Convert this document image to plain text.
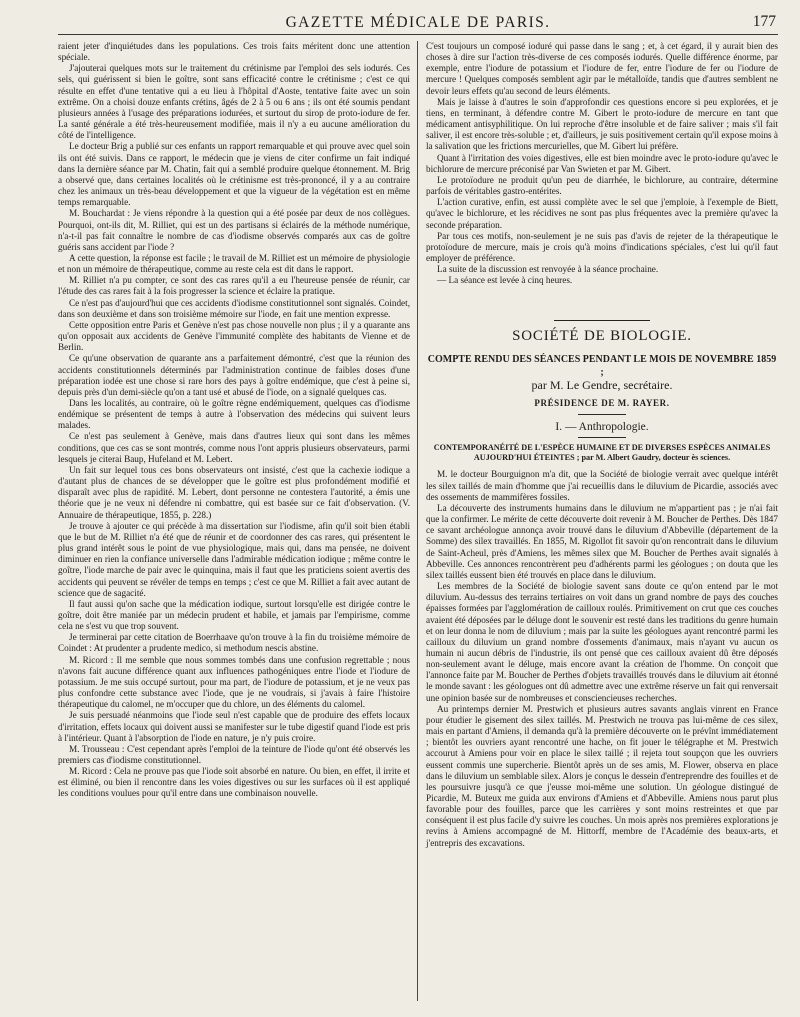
GAZETTE MÉDICALE DE PARIS.	177

raient jeter d'inquiétudes dans les populations. Ces trois faits méritent donc une attention spéciale.

J'ajouterai quelques mots sur le traitement du crétinisme par l'emploi des sels iodurés. Ces sels, qui guérissent si bien le goître, sont sans efficacité contre le crétinisme ; c'est ce qui résulte en effet d'une tentative qui a eu lieu à l'hôpital d'Aoste, tentative faite avec un soin extrême. On a choisi douze enfants crétins, âgés de 2 à 5 ou 6 ans ; ils ont été soumis pendant plusieurs années à l'usage des préparations iodurées, et surtout du sirop de proto-iodure de fer. La santé générale a été très-heureusement modifiée, mais il n'y a eu aucune amélioration du côté de l'intelligence.

Le docteur Brig a publié sur ces enfants un rapport remarquable et qui prouve avec quel soin ils ont été suivis. Dans ce rapport, le médecin que je viens de citer confirme un fait indiqué dans la dernière séance par M. Chatin, fait qui a semblé produire quelque étonnement. M. Brig a observé que, dans certaines localités où le crétinisme est très-prononcé, il y a au contraire chez les animaux un très-beau développement et que la vigueur de la végétation est en même temps remarquable.

M. Bouchardat : Je viens répondre à la question qui a été posée par deux de nos collègues. Pourquoi, ont-ils dit, M. Rilliet, qui est un des partisans si éclairés de la méthode numérique, n'a-t-il pas fait connaître le nombre de cas d'iodisme observés comparés aux cas de goître guéris sans accident par l'iode ?

A cette question, la réponse est facile ; le travail de M. Rilliet est un mémoire de physiologie et non un mémoire de thérapeutique, comme au reste cela est dit dans le rapport.

M. Rilliet n'a pu compter, ce sont des cas rares qu'il a eu l'heureuse pensée de réunir, car l'étude des cas rares fait à la fois progresser la science et éclaire la pratique.

Ce n'est pas d'aujourd'hui que ces accidents d'iodisme constitutionnel sont signalés. Coindet, dans son deuxième et dans son troisième mémoire sur l'iode, en fait une mention expresse.

Cette opposition entre Paris et Genève n'est pas chose nouvelle non plus ; il y a quarante ans qu'on opposait aux accidents de Genève l'immunité complète des habitants de Vienne et de Berlin.

Ce qu'une observation de quarante ans a parfaitement démontré, c'est que la réunion des accidents constitutionnels déterminés par l'administration continue de faibles doses d'une préparation iodée est une chose si rare hors des pays à goître endémique, que c'est à peine si, depuis près d'un demi-siècle qu'on a tant usé et abusé de l'iode, on a signalé quelques cas.

Dans les localités, au contraire, où le goître règne endémiquement, quelques cas d'iodisme endémique se présentent de temps à autre à l'observation des médecins qui suivent leurs malades.

Ce n'est pas seulement à Genève, mais dans d'autres lieux qui sont dans les mêmes conditions, que ces cas se sont montrés, comme nous l'ont appris plusieurs observateurs, parmi lesquels je citerai Baup, Hufeland et M. Lebert.

Un fait sur lequel tous ces bons observateurs ont insisté, c'est que la cachexie iodique a d'autant plus de chances de se développer que le goître est plus profondément modifié et disparaît avec plus de rapidité. M. Lebert, dont personne ne contestera l'autorité, a émis une théorie que je ne veux ni défendre ni combattre, qui est basée sur ce fait d'observation. (V. Annuaire de thérapeutique, 1855, p. 228.)

Je trouve à ajouter ce qui précède à ma dissertation sur l'iodisme, afin qu'il soit bien établi que le but de M. Rilliet n'a été que de réunir et de coordonner des cas rares, qui présentent le plus grand intérêt sous le point de vue physiologique, mais qui, dans ma pensée, ne doivent diminuer en rien la confiance universelle dans l'admirable médication iodique ; même contre le goître, l'iode marche de pair avec le quinquina, mais il faut que les praticiens soient avertis des accidents qui peuvent se révéler de temps en temps ; c'est ce que M. Rilliet a fait avec autant de science que de sagacité.

Il faut aussi qu'on sache que la médication iodique, surtout lorsqu'elle est dirigée contre le goître, doit être maniée par un médecin prudent et habile, et jamais par l'empirisme, comme cela ne s'est vu que trop souvent.

Je terminerai par cette citation de Boerrhaave qu'on trouve à la fin du troisième mémoire de Coindet : At prudenter a prudente medico, si methodum nescis abstine.

M. Ricord : Il me semble que nous sommes tombés dans une confusion regrettable ; nous n'avons fait aucune différence quant aux influences pathogéniques entre l'iode et l'iodure de potassium. Je me suis occupé surtout, pour ma part, de l'iodure de potassium, et je ne veux pas plus confondre cette substance avec l'iode, que je ne voudrais, si j'avais à faire l'histoire thérapeutique du calomel, ne m'occuper que du chlore, un des éléments du calomel.

Je suis persuadé néanmoins que l'iode seul n'est capable que de produire des effets locaux d'irritation, effets locaux qui doivent aussi se manifester sur le tube digestif quand l'iode est pris à l'intérieur. Quant à l'absorption de l'iode en nature, je n'y puis croire.

M. Trousseau : C'est cependant après l'emploi de la teinture de l'iode qu'ont été observés les premiers cas d'iodisme constitutionnel.

M. Ricord : Cela ne prouve pas que l'iode soit absorbé en nature. Ou bien, en effet, il irrite et est éliminé, ou bien il rencontre dans les voies digestives ou sur les surfaces où il est appliqué les conditions voulues pour qu'il entre dans une combinaison nouvelle.

C'est toujours un composé ioduré qui passe dans le sang ; et, à cet égard, il y aurait bien des choses à dire sur l'action très-diverse de ces composés iodurés. Quelle différence énorme, par exemple, entre l'iodure de potassium et l'iodure de fer, entre l'iodure de fer ou l'iodure de mercure ! Quelques composés semblent agir par le métalloïde, tandis que d'autres semblent ne devoir leurs effets qu'au second de leurs éléments.

Mais je laisse à d'autres le soin d'approfondir ces questions encore si peu explorées, et je tiens, en terminant, à défendre contre M. Gibert le proto-iodure de mercure en tant que médicament antisyphilitique. On lui reproche d'être insoluble et de faire saliver ; mais s'il fait saliver, il est encore très-soluble ; et, d'ailleurs, je suis positivement certain qu'il expose moins à la salivation que les frictions mercurielles, que M. Gibert lui préfère.

Quant à l'irritation des voies digestives, elle est bien moindre avec le proto-iodure qu'avec le bichlorure de mercure préconisé par Van Swieten et par M. Gibert.

Le protoïodure ne produit qu'un peu de diarrhée, le bichlorure, au contraire, détermine parfois de véritables gastro-entérites.

L'action curative, enfin, est aussi complète avec le sel que j'emploie, à l'exemple de Biett, qu'avec le bichlorure, et les récidives ne sont pas plus fréquentes avec la première qu'avec la seconde préparation.

Par tous ces motifs, non-seulement je ne suis pas d'avis de rejeter de la thérapeutique le protoïodure de mercure, mais je crois qu'à moins d'indications spéciales, c'est lui qu'il faut employer de préférence.

La suite de la discussion est renvoyée à la séance prochaine.

— La séance est levée à cinq heures.

SOCIÉTÉ DE BIOLOGIE.

COMPTE RENDU DES SÉANCES PENDANT LE MOIS DE NOVEMBRE 1859 ;

par M. Le Gendre, secrétaire.
PRÉSIDENCE DE M. RAYER.
I. — Anthropologie.
CONTEMPORANÉITÉ DE L'ESPÈCE HUMAINE ET DE DIVERSES ESPÈCES ANIMALES AUJOURD'HUI ÉTEINTES ; par M. Albert Gaudry, docteur ès sciences.

M. le docteur Bourguignon m'a dit, que la Société de biologie verrait avec quelque intérêt les silex taillés de main d'homme que j'ai recueillis dans le diluvium de Picardie, associés avec des ossements de mammifères fossiles.

La découverte des instruments humains dans le diluvium ne m'appartient pas ; je n'ai fait que la confirmer. Le mérite de cette découverte doit revenir à M. Boucher de Perthes. Dès 1847 ce savant archéologue annonça avoir trouvé dans le diluvium d'Abbeville (département de la Somme) des silex travaillés. En 1855, M. Rigollot fit savoir qu'on rencontrait dans le diluvium de Saint-Acheul, près d'Amiens, les mêmes silex que M. Boucher de Perthes avait signalés à Abbeville. Ces annonces rencontrèrent peu d'adhérents parmi les géologues ; on douta que les silex taillés eussent bien été trouvés en place dans le diluvium.

Les membres de la Société de biologie savent sans doute ce qu'on entend par le mot diluvium. Au-dessus des terrains tertiaires on voit dans un grand nombre de pays des couches épaisses formées par l'agglomération de cailloux roulés. Primitivement on crut que ces couches avaient été déposées par le déluge dont le souvenir est resté dans les traditions du genre humain et on leur donna le nom de diluvium ; mais par la suite les géologues ayant rencontré parmi les cailloux du diluvium un grand nombre d'ossements d'animaux, mais n'ayant vu aucun os humain ni aucun débris de l'industrie, ils ont pensé que ces cailloux avaient dû être déposés non-seulement avant le déluge, mais encore avant la création de l'homme. On conçoit que l'annonce faite par M. Boucher de Perthes d'objets travaillés trouvés dans le diluvium ait étonné le monde savant : les géologues ont dû admettre avec une extrême réserve un fait qui renversait une opinion basée sur de nombreuses et consciencieuses recherches.

Au printemps dernier M. Prestwich et plusieurs autres savants anglais vinrent en France pour étudier le gisement des silex taillés. M. Prestwich ne trouva pas lui-même de ces silex, mais en partant d'Amiens, il demanda qu'à la première découverte on le prévînt immédiatement ; bientôt les ouvriers ayant rencontré une hache, on fit jouer le télégraphe et M. Prestwich accourut à Amiens pour voir en place le silex taillé ; il rejeta tout soupçon que les ouvriers eussent commis une supercherie. Bientôt après un de ses amis, M. Flower, observa en place dans le diluvium un semblable silex. Alors je conçus le dessein d'entreprendre des fouilles et de les poursuivre jusqu'à ce que j'eusse moi-même une solution. Un géologue distingué de Picardie, M. Buteux me guida aux environs d'Amiens et d'Abbeville. Amiens nous parut plus favorable pour des fouilles, parce que les carrières y sont moins restreintes et que par conséquent il est plus facile d'y suivre les couches. Un mois après nos premières explorations je revins à Amiens accompagné de M. Hittorff, membre de l'Académie des beaux-arts, et j'entrepris des excavations.
